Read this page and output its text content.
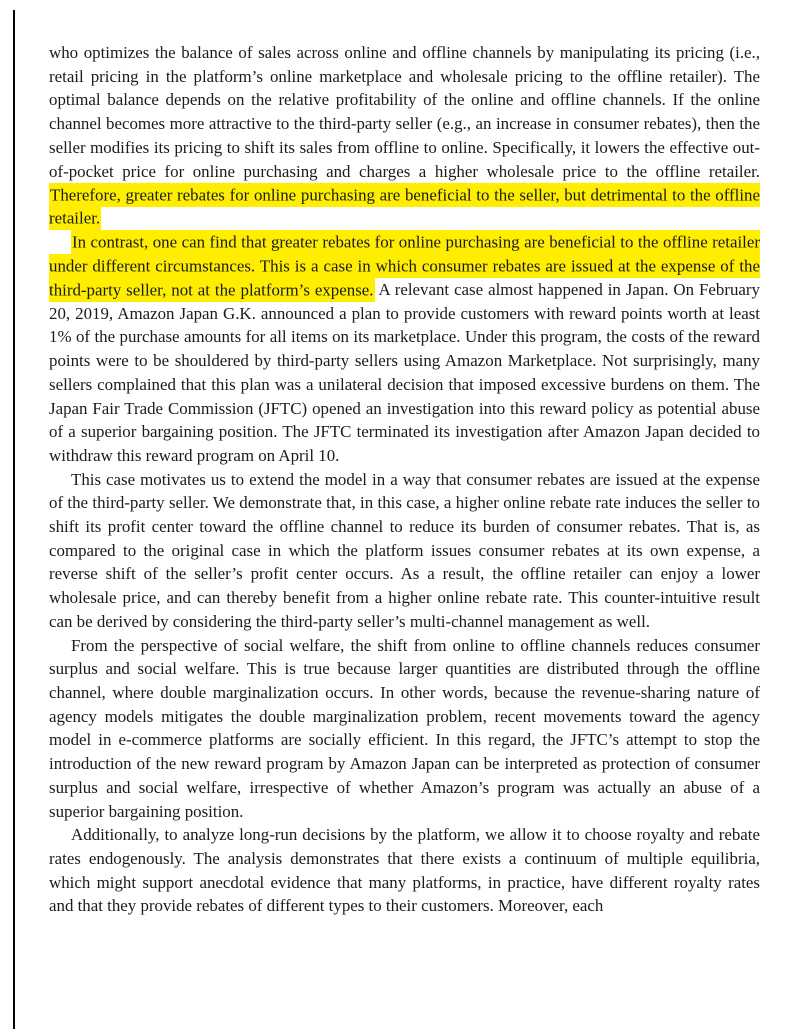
who optimizes the balance of sales across online and offline channels by manipulating its pricing (i.e., retail pricing in the platform’s online marketplace and wholesale pricing to the offline retailer). The optimal balance depends on the relative profitability of the online and offline channels. If the online channel becomes more attractive to the third-party seller (e.g., an increase in consumer rebates), then the seller modifies its pricing to shift its sales from offline to online. Specifically, it lowers the effective out-of-pocket price for online purchasing and charges a higher wholesale price to the offline retailer. Therefore, greater rebates for online purchasing are beneficial to the seller, but detrimental to the offline retailer.

In contrast, one can find that greater rebates for online purchasing are beneficial to the offline retailer under different circumstances. This is a case in which consumer rebates are issued at the expense of the third-party seller, not at the platform’s expense. A relevant case almost happened in Japan. On February 20, 2019, Amazon Japan G.K. announced a plan to provide customers with reward points worth at least 1% of the purchase amounts for all items on its marketplace. Under this program, the costs of the reward points were to be shouldered by third-party sellers using Amazon Marketplace. Not surprisingly, many sellers complained that this plan was a unilateral decision that imposed excessive burdens on them. The Japan Fair Trade Commission (JFTC) opened an investigation into this reward policy as potential abuse of a superior bargaining position. The JFTC terminated its investigation after Amazon Japan decided to withdraw this reward program on April 10.

This case motivates us to extend the model in a way that consumer rebates are issued at the expense of the third-party seller. We demonstrate that, in this case, a higher online rebate rate induces the seller to shift its profit center toward the offline channel to reduce its burden of consumer rebates. That is, as compared to the original case in which the platform issues consumer rebates at its own expense, a reverse shift of the seller’s profit center occurs. As a result, the offline retailer can enjoy a lower wholesale price, and can thereby benefit from a higher online rebate rate. This counter-intuitive result can be derived by considering the third-party seller’s multi-channel management as well.

From the perspective of social welfare, the shift from online to offline channels reduces consumer surplus and social welfare. This is true because larger quantities are distributed through the offline channel, where double marginalization occurs. In other words, because the revenue-sharing nature of agency models mitigates the double marginalization problem, recent movements toward the agency model in e-commerce platforms are socially efficient. In this regard, the JFTC’s attempt to stop the introduction of the new reward program by Amazon Japan can be interpreted as protection of consumer surplus and social welfare, irrespective of whether Amazon’s program was actually an abuse of a superior bargaining position.

Additionally, to analyze long-run decisions by the platform, we allow it to choose royalty and rebate rates endogenously. The analysis demonstrates that there exists a continuum of multiple equilibria, which might support anecdotal evidence that many platforms, in practice, have different royalty rates and that they provide rebates of different types to their customers. Moreover, each
